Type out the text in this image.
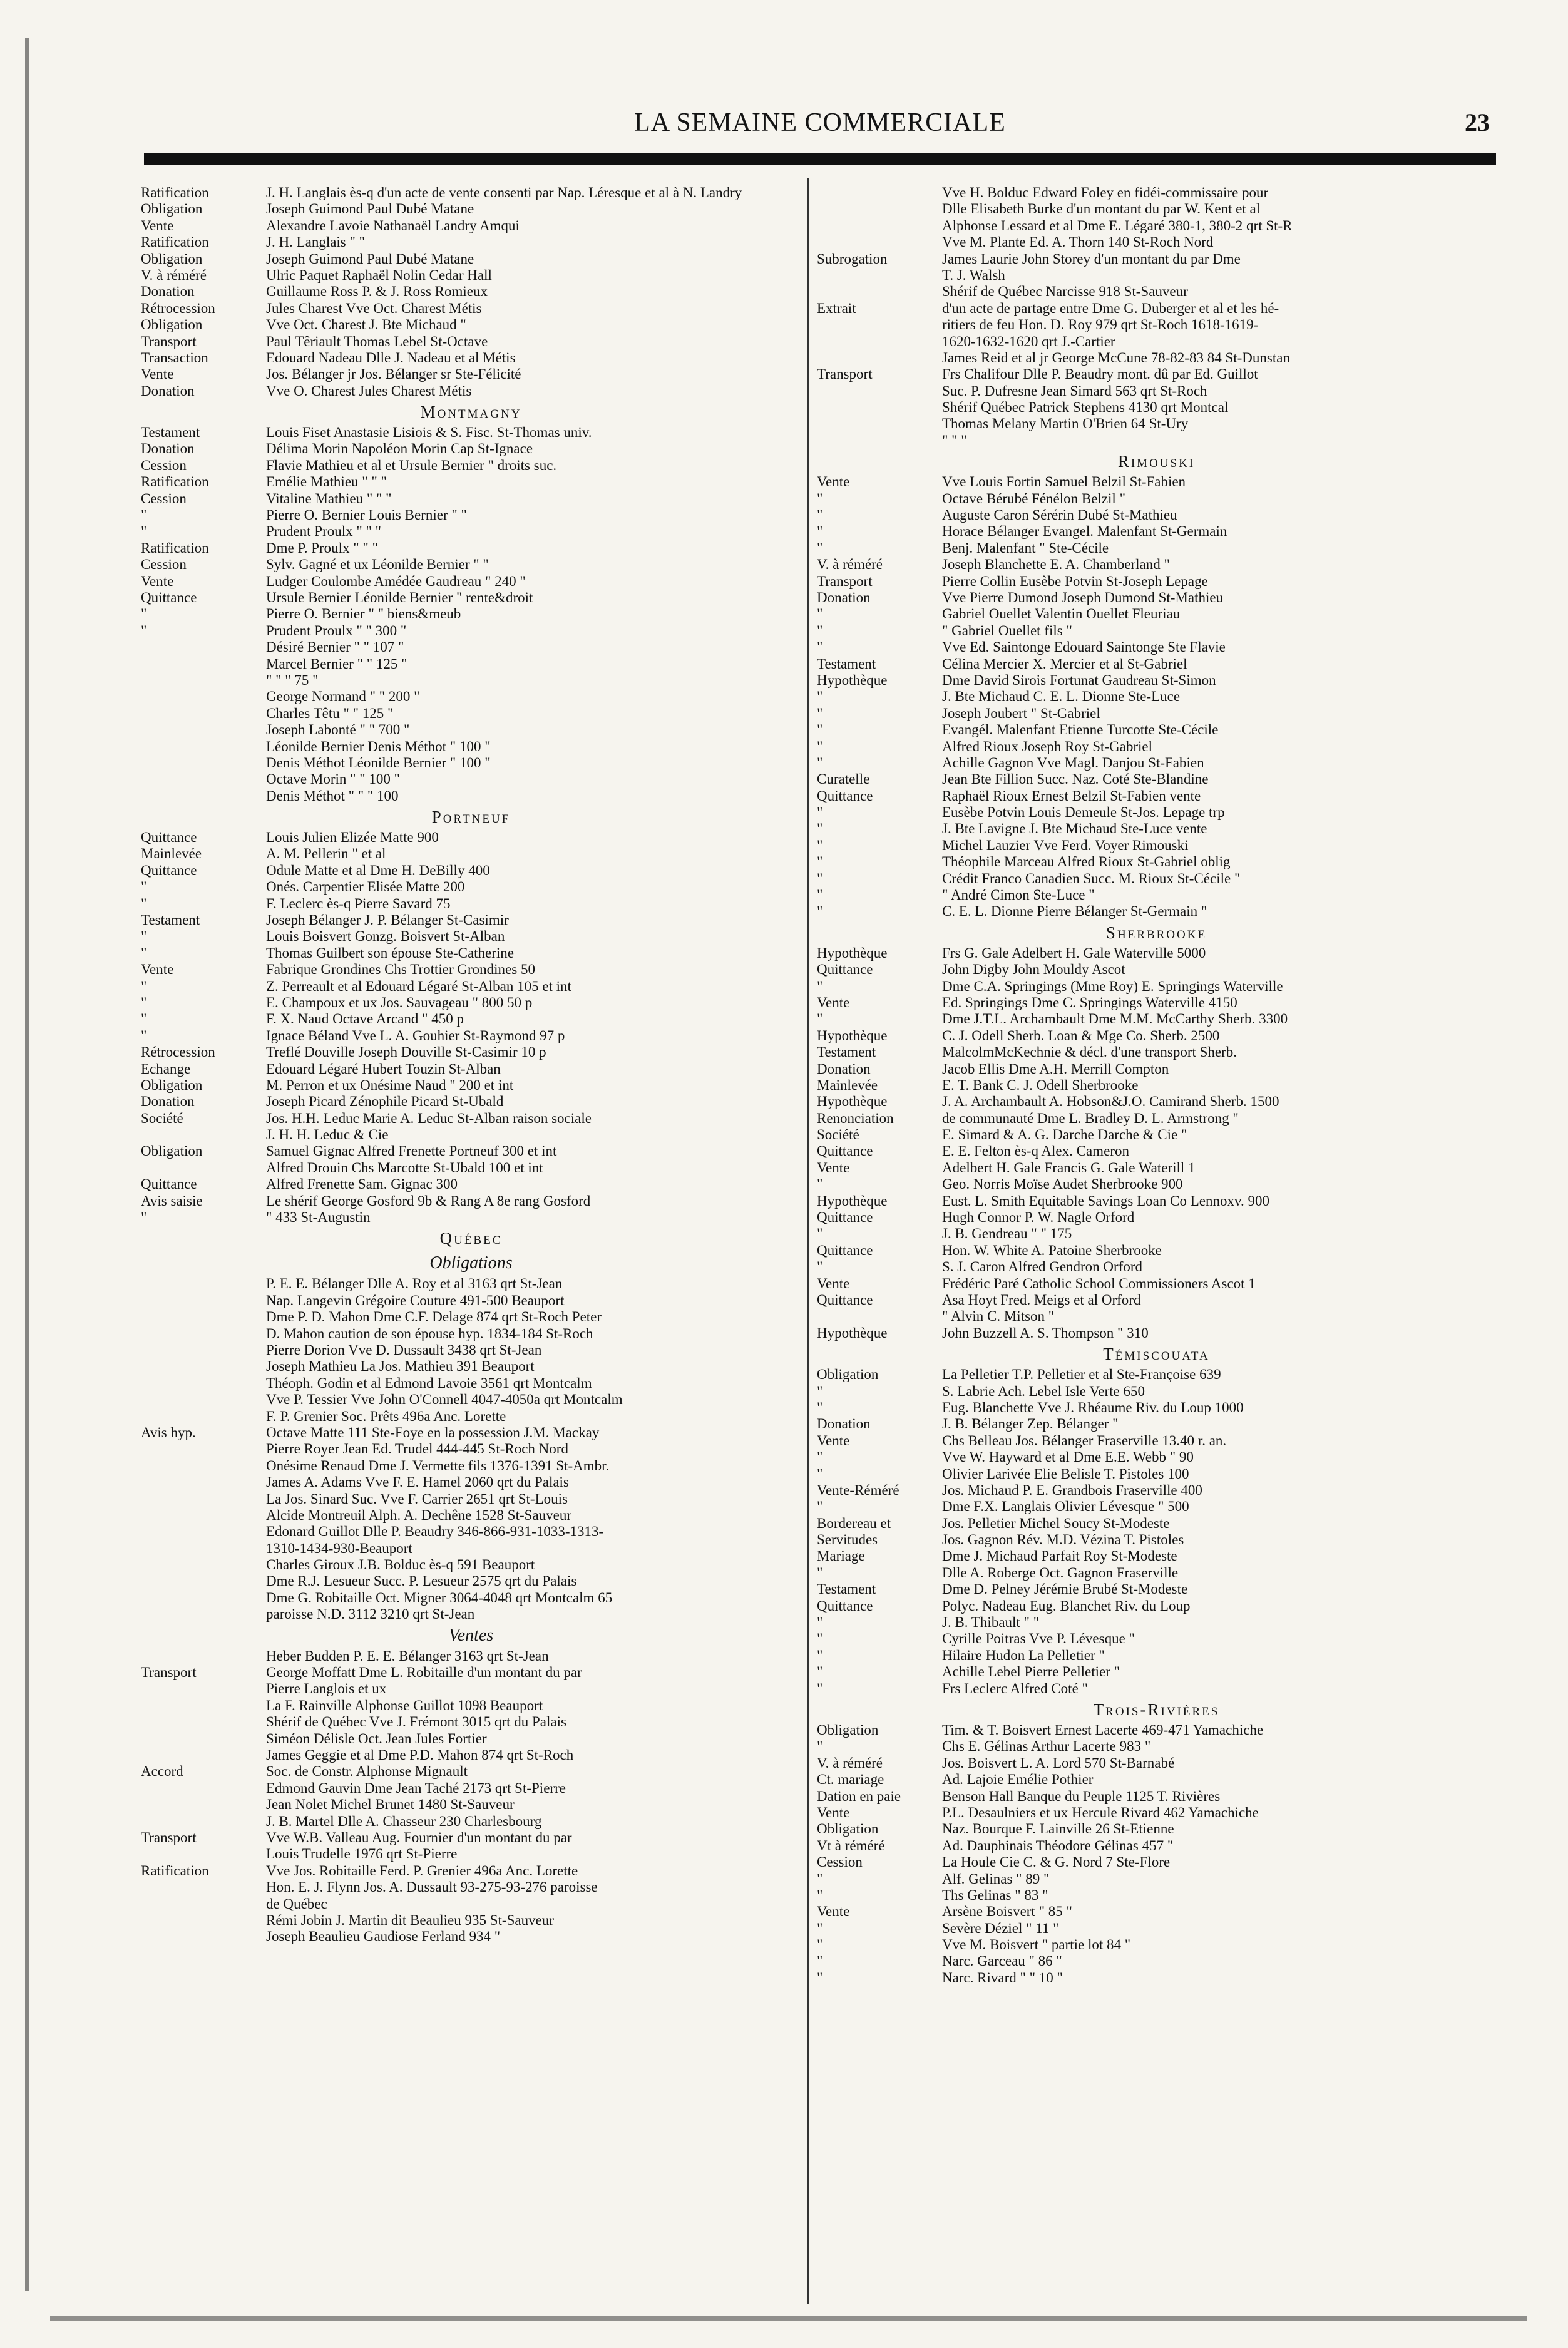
LA SEMAINE COMMERCIALE	23
Ratification	J. H. Langlais ès-q d'un acte de vente consenti par Nap. Léresque et al à N. Landry
Obligation	Joseph Guimond Paul Dubé Matane
Vente	Alexandre Lavoie Nathanaël Landry Amqui
Ratification	J. H. Langlais " "
Obligation	Joseph Guimond Paul Dubé Matane
V. à réméré	Ulric Paquet Raphaël Nolin Cedar Hall
Donation	Guillaume Ross P. & J. Ross Romieux
Rétrocession	Jules Charest Vve Oct. Charest Métis
Obligation	Vve Oct. Charest J. Bte Michaud "
Transport	Paul Têriault Thomas Lebel St-Octave
Transaction	Edouard Nadeau Dlle J. Nadeau et al Métis
Vente	Jos. Bélanger jr Jos. Bélanger sr Ste-Félicité
Donation	Vve O. Charest Jules Charest Métis
Montmagny
Testament	Louis Fiset Anastasie Lisiois & S. Fisc. St-Thomas univ.
Donation	Délima Morin Napoléon Morin Cap St-Ignace
Cession	Flavie Mathieu et al et Ursule Bernier " droits suc.
Ratification	Emélie Mathieu " " "
Cession	Vitaline Mathieu " " "
"	Pierre O. Bernier Louis Bernier " "
"	Prudent Proulx " " "
Ratification	Dme P. Proulx " " "
Cession	Sylv. Gagné et ux Léonilde Bernier " "
Vente	Ludger Coulombe Amédée Gaudreau " 240 "
Quittance	Ursule Bernier Léonilde Bernier " rente&droit
"	Pierre O. Bernier " " biens&meub
"	Prudent Proulx " " 300 "
Désiré Bernier " " 107 "
Marcel Bernier " " 125 "
" " " 75 "
George Normand " " 200 "
Charles Têtu " " 125 "
Joseph Labonté " " 700 "
Léonilde Bernier Denis Méthot " 100 "
Denis Méthot Léonilde Bernier " 100 "
Octave Morin " " 100 "
Denis Méthot " " " 100
Portneuf
Quittance	Louis Julien Elizée Matte 900
Mainlevée	A. M. Pellerin " et al
Quittance	Odule Matte et al Dme H. DeBilly 400
"	Onés. Carpentier Elisée Matte 200
"	F. Leclerc ès-q Pierre Savard 75
Testament	Joseph Bélanger J. P. Bélanger St-Casimir
"	Louis Boisvert Gonzg. Boisvert St-Alban
"	Thomas Guilbert son épouse Ste-Catherine
Vente	Fabrique Grondines Chs Trottier Grondines 50
"	Z. Perreault et al Edouard Légaré St-Alban 105 et int
"	E. Champoux et ux Jos. Sauvageau " 800 50 p
"	F. X. Naud Octave Arcand " 450 p
"	Ignace Béland Vve L. A. Gouhier St-Raymond 97 p
Rétrocession	Treflé Douville Joseph Douville St-Casimir 10 p
Echange	Edouard Légaré Hubert Touzin St-Alban
Obligation	M. Perron et ux Onésime Naud " 200 et int
Donation	Joseph Picard Zénophile Picard St-Ubald
Société	Jos. H.H. Leduc Marie A. Leduc St-Alban raison sociale
J. H. H. Leduc & Cie
Obligation	Samuel Gignac Alfred Frenette Portneuf 300 et int
Alfred Drouin Chs Marcotte St-Ubald 100 et int
Quittance	Alfred Frenette Sam. Gignac 300
Avis saisie	Le shérif George Gosford 9b & Rang A 8e rang Gosford
"	" 433 St-Augustin
Québec
Obligations
P. E. E. Bélanger Dlle A. Roy et al 3163 qrt St-Jean
Nap. Langevin Grégoire Couture 491-500 Beauport
Dme P. D. Mahon Dme C.F. Delage 874 qrt St-Roch Peter
D. Mahon caution de son épouse hyp. 1834-184 St-Roch
Pierre Dorion Vve D. Dussault 3438 qrt St-Jean
Joseph Mathieu La Jos. Mathieu 391 Beauport
Théoph. Godin et al Edmond Lavoie 3561 qrt Montcalm
Vve P. Tessier Vve John O'Connell 4047-4050a qrt Montcalm
F. P. Grenier Soc. Prêts 496a Anc. Lorette
Avis hyp.	Octave Matte 111 Ste-Foye en la possession J.M. Mackay
Pierre Royer Jean Ed. Trudel 444-445 St-Roch Nord
Onésime Renaud Dme J. Vermette fils 1376-1391 St-Ambr.
James A. Adams Vve F. E. Hamel 2060 qrt du Palais
La Jos. Sinard Suc. Vve F. Carrier 2651 qrt St-Louis
Alcide Montreuil Alph. A. Dechêne 1528 St-Sauveur
Edonard Guillot Dlle P. Beaudry 346-866-931-1033-1313-
1310-1434-930-Beauport
Charles Giroux J.B. Bolduc ès-q 591 Beauport
Dme R.J. Lesueur Succ. P. Lesueur 2575 qrt du Palais
Dme G. Robitaille Oct. Migner 3064-4048 qrt Montcalm 65
paroisse N.D. 3112 3210 qrt St-Jean
Ventes
Heber Budden P. E. E. Bélanger 3163 qrt St-Jean
Transport	George Moffatt Dme L. Robitaille d'un montant du par
Pierre Langlois et ux
La F. Rainville Alphonse Guillot 1098 Beauport
Shérif de Québec Vve J. Frémont 3015 qrt du Palais
Siméon Délisle Oct. Jean Jules Fortier
James Geggie et al Dme P.D. Mahon 874 qrt St-Roch
Accord	Soc. de Constr. Alphonse Mignault
Edmond Gauvin Dme Jean Taché 2173 qrt St-Pierre
Jean Nolet Michel Brunet 1480 St-Sauveur
J. B. Martel Dlle A. Chasseur 230 Charlesbourg
Transport	Vve W.B. Valleau Aug. Fournier d'un montant du par
Louis Trudelle 1976 qrt St-Pierre
Ratification	Vve Jos. Robitaille Ferd. P. Grenier 496a Anc. Lorette
Hon. E. J. Flynn Jos. A. Dussault 93-275-93-276 paroisse
de Québec
Rémi Jobin J. Martin dit Beaulieu 935 St-Sauveur
Joseph Beaulieu Gaudiose Ferland 934 "
Vve H. Bolduc Edward Foley en fidéi-commissaire pour
Dlle Elisabeth Burke d'un montant du par W. Kent et al
Alphonse Lessard et al Dme E. Légaré 380-1, 380-2 qrt St-R
Vve M. Plante Ed. A. Thorn 140 St-Roch Nord
Subrogation	James Laurie John Storey d'un montant du par Dme
T. J. Walsh
Shérif de Québec Narcisse 918 St-Sauveur
Extrait	d'un acte de partage entre Dme G. Duberger et al et les hé-
ritiers de feu Hon. D. Roy 979 qrt St-Roch 1618-1619-
1620-1632-1620 qrt J.-Cartier
James Reid et al jr George McCune 78-82-83 84 St-Dunstan
Transport	Frs Chalifour Dlle P. Beaudry mont. dû par Ed. Guillot
Suc. P. Dufresne Jean Simard 563 qrt St-Roch
Shérif Québec Patrick Stephens 4130 qrt Montcal
Thomas Melany Martin O'Brien 64 St-Ury
" " "
Rimouski
Vente	Vve Louis Fortin Samuel Belzil St-Fabien
"	Octave Bérubé Fénélon Belzil "
"	Auguste Caron Sérérin Dubé St-Mathieu
"	Horace Bélanger Evangel. Malenfant St-Germain
"	Benj. Malenfant " Ste-Cécile
V. à réméré	Joseph Blanchette E. A. Chamberland "
Transport	Pierre Collin Eusèbe Potvin St-Joseph Lepage
Donation	Vve Pierre Dumond Joseph Dumond St-Mathieu
"	Gabriel Ouellet Valentin Ouellet Fleuriau
"	" Gabriel Ouellet fils "
"	Vve Ed. Saintonge Edouard Saintonge Ste Flavie
Testament	Célina Mercier X. Mercier et al St-Gabriel
Hypothèque	Dme David Sirois Fortunat Gaudreau St-Simon
"	J. Bte Michaud C. E. L. Dionne Ste-Luce
"	Joseph Joubert " St-Gabriel
"	Evangél. Malenfant Etienne Turcotte Ste-Cécile
"	Alfred Rioux Joseph Roy St-Gabriel
"	Achille Gagnon Vve Magl. Danjou St-Fabien
Curatelle	Jean Bte Fillion Succ. Naz. Coté Ste-Blandine
Quittance	Raphaël Rioux Ernest Belzil St-Fabien vente
"	Eusèbe Potvin Louis Demeule St-Jos. Lepage trp
"	J. Bte Lavigne J. Bte Michaud Ste-Luce vente
"	Michel Lauzier Vve Ferd. Voyer Rimouski
"	Théophile Marceau Alfred Rioux St-Gabriel oblig
"	Crédit Franco Canadien Succ. M. Rioux St-Cécile "
"	" André Cimon Ste-Luce "
"	C. E. L. Dionne Pierre Bélanger St-Germain "
Sherbrooke
Hypothèque	Frs G. Gale Adelbert H. Gale Waterville 5000
Quittance	John Digby John Mouldy Ascot
"	Dme C.A. Springings (Mme Roy) E. Springings Waterville
Vente	Ed. Springings Dme C. Springings Waterville 4150
"	Dme J.T.L. Archambault Dme M.M. McCarthy Sherb. 3300
Hypothèque	C. J. Odell Sherb. Loan & Mge Co. Sherb. 2500
Testament	MalcolmMcKechnie & décl. d'une transport Sherb.
Donation	Jacob Ellis Dme A.H. Merrill Compton
Mainlevée	E. T. Bank C. J. Odell Sherbrooke
Hypothèque	J. A. Archambault A. Hobson&J.O. Camirand Sherb. 1500
Renonciation	de communauté Dme L. Bradley D. L. Armstrong "
Société	E. Simard & A. G. Darche Darche & Cie "
Quittance	E. E. Felton ès-q Alex. Cameron
Vente	Adelbert H. Gale Francis G. Gale Waterill 1
"	Geo. Norris Moïse Audet Sherbrooke 900
Hypothèque	Eust. L. Smith Equitable Savings Loan Co Lennoxv. 900
Quittance	Hugh Connor P. W. Nagle Orford
"	J. B. Gendreau " " 175
Quittance	Hon. W. White A. Patoine Sherbrooke
"	S. J. Caron Alfred Gendron Orford
Vente	Frédéric Paré Catholic School Commissioners Ascot 1
Quittance	Asa Hoyt Fred. Meigs et al Orford
" Alvin C. Mitson "
Hypothèque	John Buzzell A. S. Thompson " 310
Témiscouata
Obligation	La Pelletier T.P. Pelletier et al Ste-Françoise 639
"	S. Labrie Ach. Lebel Isle Verte 650
"	Eug. Blanchette Vve J. Rhéaume Riv. du Loup 1000
Donation	J. B. Bélanger Zep. Bélanger "
Vente	Chs Belleau Jos. Bélanger Fraserville 13.40 r. an.
"	Vve W. Hayward et al Dme E.E. Webb " 90
"	Olivier Larivée Elie Belisle T. Pistoles 100
Vente-Réméré	Jos. Michaud P. E. Grandbois Fraserville 400
"	Dme F.X. Langlais Olivier Lévesque " 500
Bordereau et	Jos. Pelletier Michel Soucy St-Modeste
Servitudes	Jos. Gagnon Rév. M.D. Vézina T. Pistoles
Mariage	Dme J. Michaud Parfait Roy St-Modeste
"	Dlle A. Roberge Oct. Gagnon Fraserville
Testament	Dme D. Pelney Jérémie Brubé St-Modeste
Quittance	Polyc. Nadeau Eug. Blanchet Riv. du Loup
"	J. B. Thibault " "
"	Cyrille Poitras Vve P. Lévesque "
"	Hilaire Hudon La Pelletier "
"	Achille Lebel Pierre Pelletier "
"	Frs Leclerc Alfred Coté "
Trois-Rivières
Obligation	Tim. & T. Boisvert Ernest Lacerte 469-471 Yamachiche
"	Chs E. Gélinas Arthur Lacerte 983 "
V. à réméré	Jos. Boisvert L. A. Lord 570 St-Barnabé
Ct. mariage	Ad. Lajoie Emélie Pothier
Dation en paie	Benson Hall Banque du Peuple 1125 T. Rivières
Vente	P.L. Desaulniers et ux Hercule Rivard 462 Yamachiche
Obligation	Naz. Bourque F. Lainville 26 St-Etienne
Vt à réméré	Ad. Dauphinais Théodore Gélinas 457 "
Cession	La Houle Cie C. & G. Nord 7 Ste-Flore
"	Alf. Gelinas " 89 "
"	Ths Gelinas " 83 "
Vente	Arsène Boisvert " 85 "
"	Sevère Déziel " 11 "
"	Vve M. Boisvert " partie lot 84 "
"	Narc. Garceau " 86 "
"	Narc. Rivard " " 10 "
